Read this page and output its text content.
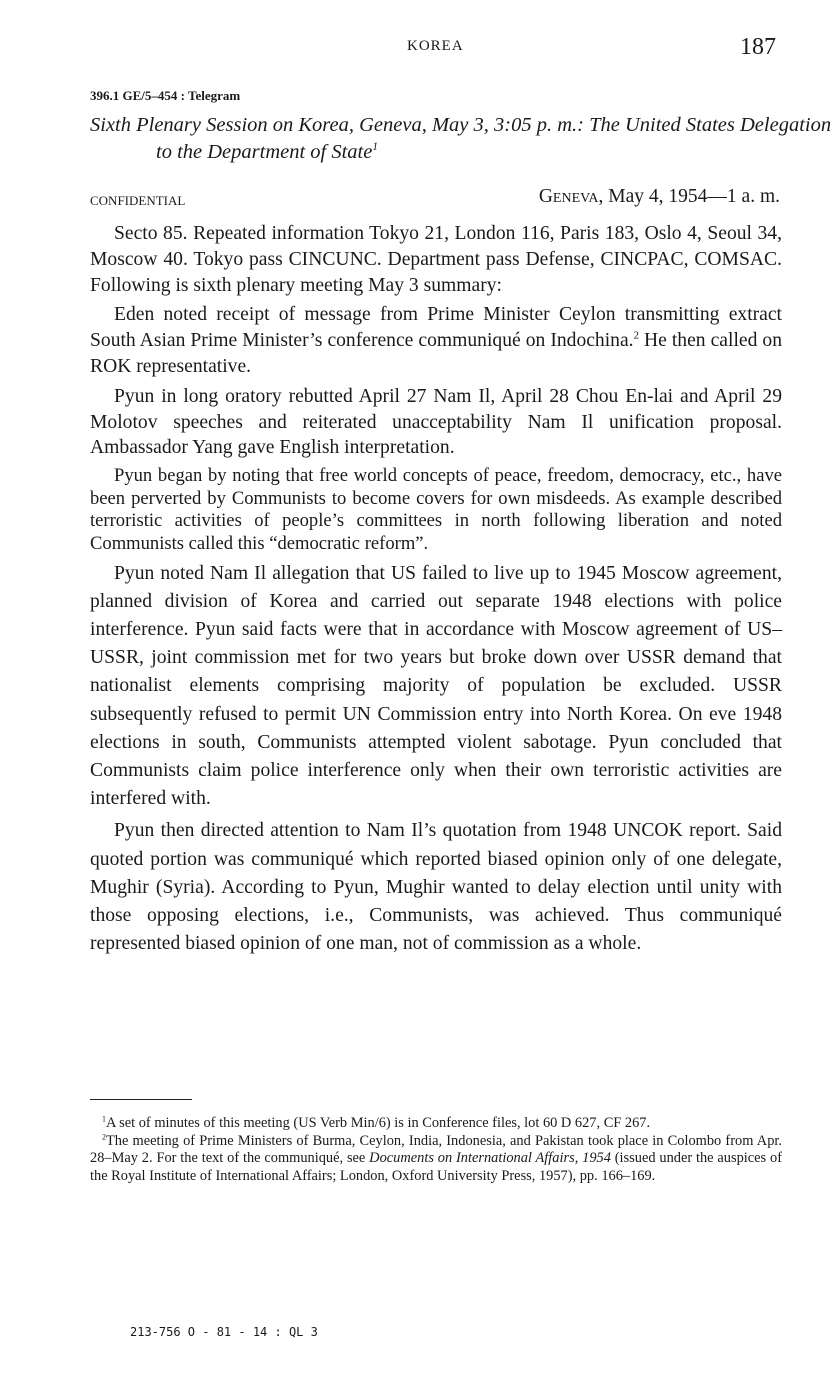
KOREA	187
396.1 GE/5–454 : Telegram
Sixth Plenary Session on Korea, Geneva, May 3, 3:05 p. m.: The United States Delegation to the Department of State$^1$
CONFIDENTIAL	Geneva, May 4, 1954—1 a. m.

Secto 85. Repeated information Tokyo 21, London 116, Paris 183, Oslo 4, Seoul 34, Moscow 40. Tokyo pass CINCUNC. Department pass Defense, CINCPAC, COMSAC. Following is sixth plenary meeting May 3 summary:

Eden noted receipt of message from Prime Minister Ceylon transmitting extract South Asian Prime Minister’s conference communiqué on Indochina.$^2$ He then called on ROK representative.

Pyun in long oratory rebutted April 27 Nam Il, April 28 Chou En-lai and April 29 Molotov speeches and reiterated unacceptability Nam Il unification proposal. Ambassador Yang gave English interpretation.

Pyun began by noting that free world concepts of peace, freedom, democracy, etc., have been perverted by Communists to become covers for own misdeeds. As example described terroristic activities of people’s committees in north following liberation and noted Communists called this “democratic reform”.

Pyun noted Nam Il allegation that US failed to live up to 1945 Moscow agreement, planned division of Korea and carried out separate 1948 elections with police interference. Pyun said facts were that in accordance with Moscow agreement of US–USSR, joint commission met for two years but broke down over USSR demand that nationalist elements comprising majority of population be excluded. USSR subsequently refused to permit UN Commission entry into North Korea. On eve 1948 elections in south, Communists attempted violent sabotage. Pyun concluded that Communists claim police interference only when their own terroristic activities are interfered with.

Pyun then directed attention to Nam Il’s quotation from 1948 UNCOK report. Said quoted portion was communiqué which reported biased opinion only of one delegate, Mughir (Syria). According to Pyun, Mughir wanted to delay election until unity with those opposing elections, i.e., Communists, was achieved. Thus communiqué represented biased opinion of one man, not of commission as a whole.

$^1$A set of minutes of this meeting (US Verb Min/6) is in Conference files, lot 60 D 627, CF 267.

$^2$The meeting of Prime Ministers of Burma, Ceylon, India, Indonesia, and Pakistan took place in Colombo from Apr. 28–May 2. For the text of the communiqué, see Documents on International Affairs, 1954 (issued under the auspices of the Royal Institute of International Affairs; London, Oxford University Press, 1957), pp. 166–169.

213-756 O - 81 - 14 : QL 3
